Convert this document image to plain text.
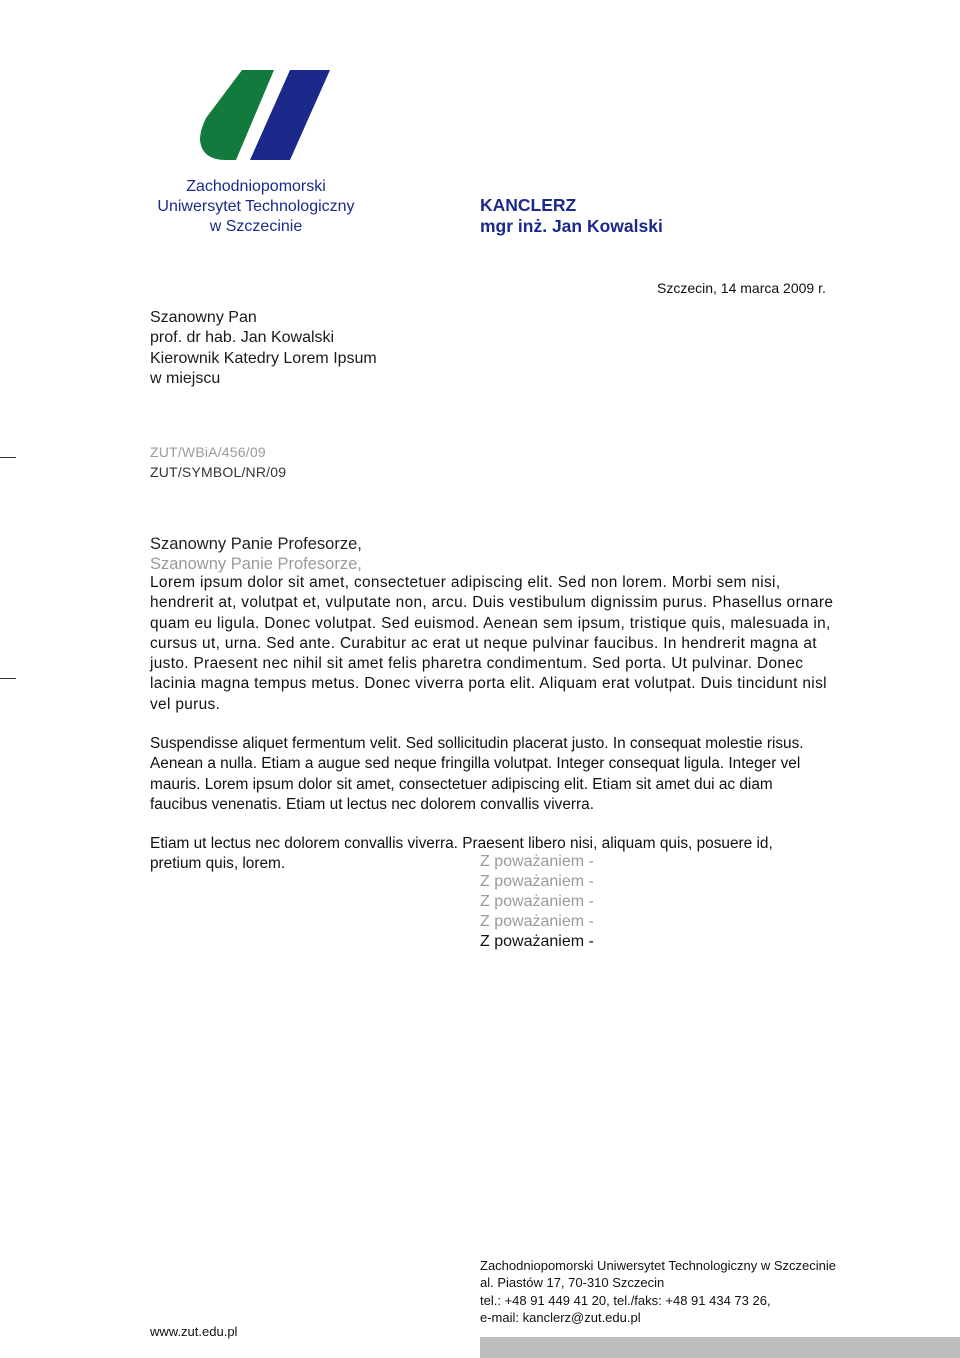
Zachodniopomorski
Uniwersytet Technologiczny
w Szczecinie
KANCLERZ
mgr inż. Jan Kowalski
Szczecin, 14 marca 2009 r.
Szanowny Pan
prof. dr hab. Jan Kowalski
Kierownik Katedry Lorem Ipsum
w miejscu
ZUT/WBiA/456/09
ZUT/SYMBOL/NR/09
Szanowny Panie Profesorze,
Szanowny Panie Profesorze,
Lorem ipsum dolor sit amet, consectetuer adipiscing elit. Sed non lorem. Morbi sem nisi,
hendrerit at, volutpat et, vulputate non, arcu. Duis vestibulum dignissim purus. Phasellus ornare
quam eu ligula. Donec volutpat. Sed euismod. Aenean sem ipsum, tristique quis, malesuada in,
cursus ut, urna. Sed ante. Curabitur ac erat ut neque pulvinar faucibus. In hendrerit magna at
justo. Praesent nec nihil sit amet felis pharetra condimentum. Sed porta. Ut pulvinar. Donec
lacinia magna tempus metus. Donec viverra porta elit. Aliquam erat volutpat. Duis tincidunt nisl
vel purus.
Suspendisse aliquet fermentum velit. Sed sollicitudin placerat justo. In consequat molestie risus.
Aenean a nulla. Etiam a augue sed neque fringilla volutpat. Integer consequat ligula. Integer vel
mauris. Lorem ipsum dolor sit amet, consectetuer adipiscing elit. Etiam sit amet dui ac diam
faucibus venenatis. Etiam ut lectus nec dolorem convallis viverra.
Etiam ut lectus nec dolorem convallis viverra. Praesent libero nisi, aliquam quis, posuere id,
pretium quis, lorem.	Z poważaniem -
Z poważaniem -
Z poważaniem -
Z poważaniem -
Z poważaniem -
Zachodniopomorski Uniwersytet Technologiczny w Szczecinie
al. Piastów 17, 70-310 Szczecin
tel.: +48 91 449 41 20, tel./faks: +48 91 434 73 26,
e-mail: kanclerz@zut.edu.pl
www.zut.edu.pl
